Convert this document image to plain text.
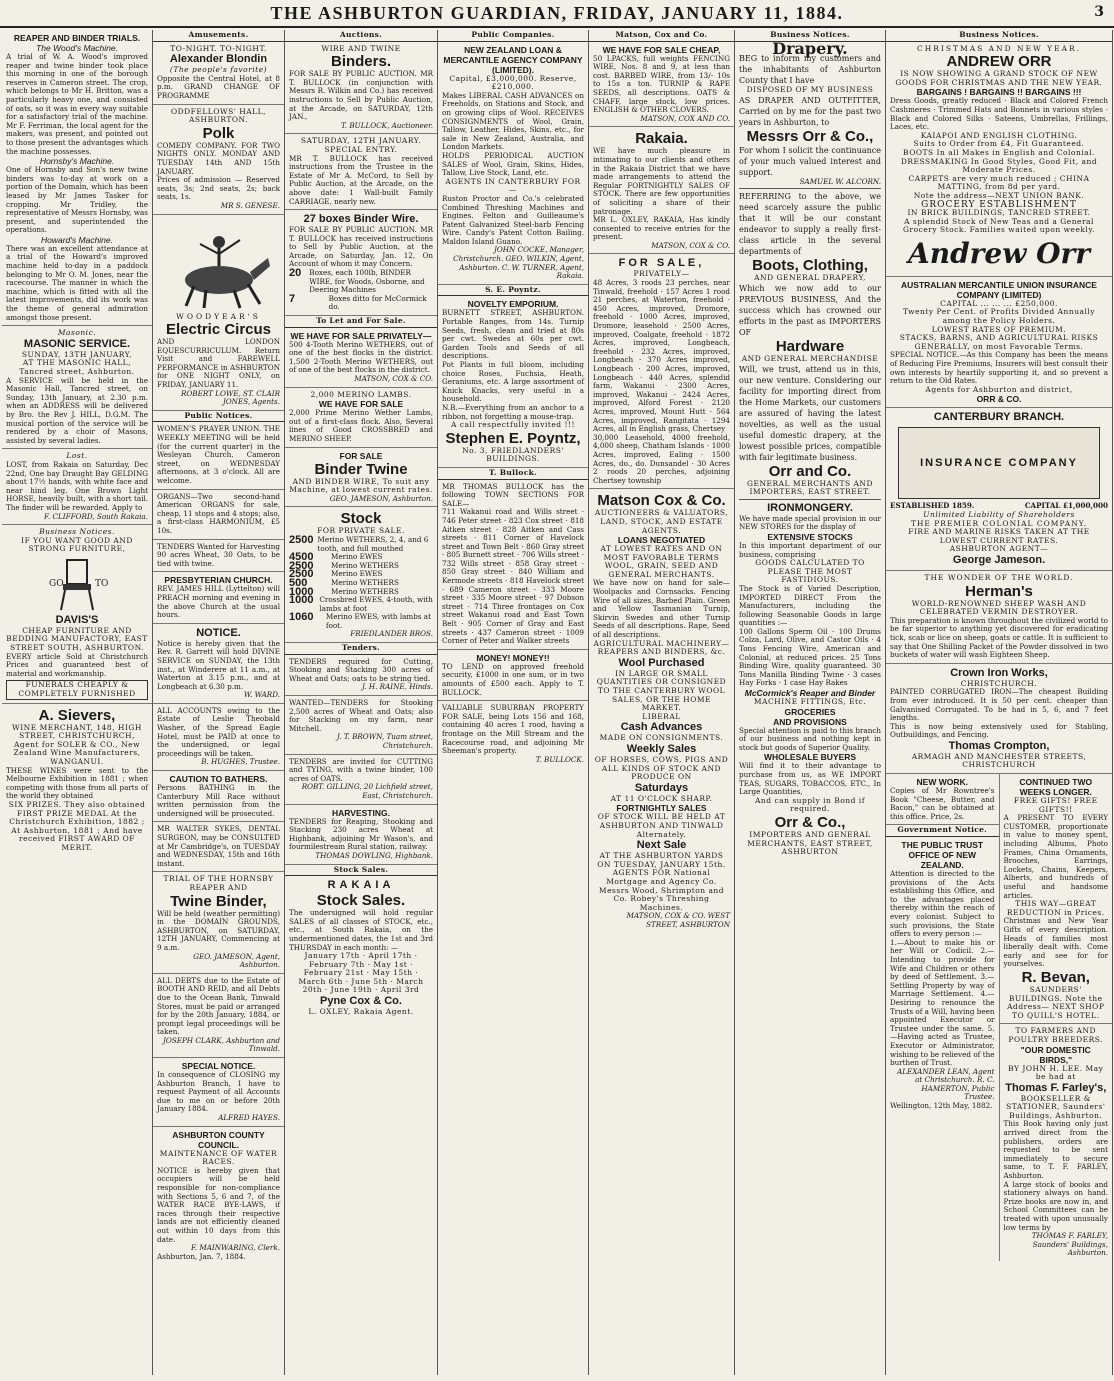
THE ASHBURTON GUARDIAN, FRIDAY, JANUARY 11, 1884.	3
REAPER AND BINDER TRIALS.
The Wood's Machine.
A trial of W. A. Wood's improved reaper and twine binder took place this morning in one of the borough reserves in Cameron street. The crop, which belongs to Mr H. Britton, was a particularly heavy one, and consisted of oats, so it was in every way suitable for a satisfactory trial of the machine. Mr F. Ferriman, the local agent for the makers, was present, and pointed out to those present the advantages which the machine possesses.
Hornsby's Machine.
One of Hornsby and Son's new twine binders was to-day at work on a portion of the Domain, which has been leased by Mr James Tasker for cropping. Mr Tridley, the representative of Messrs Hornsby, was present, and superintended the operations.
Howard's Machine.
There was an excellent attendance at a trial of the Howard's improved machine held to-day in a paddock belonging to Mr O. M. Jones, near the racecourse. The manner in which the machine, which is fitted with all the latest improvements, did its work was the theme of general admiration amongst those present.
Masonic.
MASONIC SERVICE.
SUNDAY, 13TH JANUARY,
AT THE MASONIC HALL, Tancred street, Ashburton.
A SERVICE will be held in the Masonic Hall, Tancred street, on Sunday, 13th January, at 2.30 p.m. when an ADDRESS will be delivered by Bro. the Rev J. HILL, D.G.M. The musical portion of the service will be rendered by a choir of Masons, assisted by several ladies.
Lost.
LOST, from Rakaia on Saturday, Dec 22nd, One bay Draught Bay GELDING about 17½ hands, with white face and near hind leg. One Brown Light HORSE, heavily built, with a short tail. The finder will be rewarded. Apply to
F. CLIFFORD, South Rakaia.
Business Notices.
IF YOU WANT GOOD AND STRONG FURNITURE,
GO	TO
DAVIS'S
CHEAP FURNITURE AND BEDDING MANUFACTORY, EAST STREET SOUTH, ASHBURTON.
EVERY article Sold at Christchurch Prices and guaranteed best of material and workmanship.
FUNERALS CHEAPLY & COMPLETELY FURNISHED
A. Sievers,
WINE MERCHANT, 148, HIGH STREET, CHRISTCHURCH, Agent for SOLER & CO., New Zealand Wine Manufacturers, WANGANUI.
THESE WINES were sent to the Melbourne Exhibition in 1881 ; when competing with those from all parts of the world they obtained
SIX PRIZES. They also obtained FIRST PRIZE MEDAL At the Christchurch Exhibition, 1882 ; At Ashburton, 1881 ; And have received FIRST AWARD OF MERIT.
Amusements.
TO-NIGHT. TO-NIGHT.
Alexander Blondin
(The people's favorite)
Opposite the Central Hotel, at 8 p.m. GRAND CHANGE OF PROGRAMME
ODDFELLOWS' HALL, ASHBURTON.
Polk
COMEDY COMPANY. FOR TWO NIGHTS ONLY. MONDAY AND TUESDAY 14th AND 15th JANUARY.
Prices of admission — Reserved seats, 3s; 2nd seats, 2s; back seats, 1s.
MR S. GENESE.
WOODYEAR'S
Electric Circus
AND LONDON EQUESCURRICULUM. Return Visit and FAREWELL PERFORMANCE in ASHBURTON for ONE NIGHT ONLY, on FRIDAY, JANUARY 11.
ROBERT LOWE, ST. CLAIR JONES, Agents.
Public Notices.
WOMEN'S PRAYER UNION. THE WEEKLY MEETING will be held (for the current quarter) in the Wesleyan Church, Cameron street, on WEDNESDAY afternoons, at 3 o'clock. All are welcome.
ORGANS—Two second-hand American ORGANS for sale, cheap, 11 stops and 4 stops; also, a first-class HARMONIUM, £5 10s.
TENDERS Wanted for Harvesting 90 acres Wheat, 30 Oats, to be tied with twine.
PRESBYTERIAN CHURCH.
REV. JAMES HILL (Lyttelton) will PREACH morning and evening in the above Church at the usual hours.
NOTICE.
Notice is hereby given that the Rev. R. Garrett will hold DIVINE SERVICE on SUNDAY, the 13th inst., at Winderere at 11 a.m., at Waterton at 3.15 p.m., and at Longbeach at 6.30 p.m.
W. WARD.
ALL ACCOUNTS owing to the Estate of Leslie Theobald Washer, of the Spread Eagle Hotel, must be PAID at once to the undersigned, or legal proceedings will be taken.
B. HUGHES, Trustee.
CAUTION TO BATHERS.
Persons BATHING in the Canterbury Mill Race without written permission from the undersigned will be prosecuted.
MR WALTER SYKES, DENTAL SURGEON, may be CONSULTED at Mr Cambridge's, on TUESDAY and WEDNESDAY, 15th and 16th instant.
TRIAL OF THE HORNSBY REAPER AND
Twine Binder,
Will be held (weather permitting) in the DOMAIN GROUNDS, ASHBURTON, on SATURDAY, 12TH JANUARY, Commencing at 9 a.m.
GEO. JAMESON, Agent, Ashburton.
ALL DEBTS due to the Estate of BOOTH AND REID, and all Debts due to the Ocean Bank, Tinwald Stores, must be paid or arranged for by the 20th January, 1884, or prompt legal proceedings will be taken.
JOSEPH CLARK, Ashburton and Tinwald.
SPECIAL NOTICE.
In consequence of CLOSING my Ashburton Branch, I have to request Payment of all Accounts due to me on or before 20th January 1884.
ALFRED HAYES.
ASHBURTON COUNTY COUNCIL.
MAINTENANCE OF WATER RACES.
NOTICE is hereby given that occupiers will be held responsible for non-compliance with Sections 5, 6 and 7, of the WATER RACE BYE-LAWS, if races through their respective lands are not efficiently cleaned out within 10 days from this date.
F. MAINWARING, Clerk.
Ashburton, Jan. 7, 1884.
Auctions.
WIRE AND TWINE
Binders.
FOR SALE BY PUBLIC AUCTION. MR T. BULLOCK (in conjunction with Messrs R. Wilkin and Co.) has received instructions to Sell by Public Auction, at the Arcade, on SATURDAY, 12th JAN.,
T. BULLOCK, Auctioneer.
SATURDAY, 12TH JANUARY.
SPECIAL ENTRY.
MR T. BULLOCK has received instructions from the Trustee in the Estate of Mr A. McCord, to Sell by Public Auction, at the Arcade, on the above date: 1 Wall-built Family CARRIAGE, nearly new.
27 boxes Binder Wire.
FOR SALE BY PUBLIC AUCTION. MR T. BULLOCK has received instructions to Sell by Public Auction, at the Arcade, on Saturday, Jan. 12, On Account of whom it may Concern.
20	Boxes, each 100lb, BINDER WIRE, for Woods, Osborne, and Deering Machines
7	Boxes ditto for McCormick do.
To Let and For Sale.
WE HAVE FOR SALE PRIVATELY—
500 4-Tooth Merino WETHERS, out of one of the best flocks in the district. 1,500 2-Tooth Merino WETHERS, out of one of the best flocks in the district.
MATSON, COX & CO.
2,000 MERINO LAMBS.
WE HAVE FOR SALE
2,000 Prime Merino Wether Lambs, out of a first-class flock. Also, Several lines of Good CROSSBRED and MERINO SHEEP.
FOR SALE
Binder Twine
AND BINDER WIRE, To suit any Machine, at lowest current rates.
GEO. JAMESON, Ashburton.
Stock
FOR PRIVATE SALE.
2500 Merino WETHERS, 2, 4, and 6 tooth, and full mouthed
4500	Merino EWES
2500	Merino WETHERS
2500	Merino EWES
500	Merino WETHERS
1000	Merino WETHERS
1000 Crossbred EWES, 4-tooth, with lambs at foot
1060	Merino EWES, with lambs at foot.
FRIEDLANDER BROS.
Tenders.
TENDERS required for Cutting, Stooking and Stacking 300 acres of Wheat and Oats; oats to be string tied.
J. H. RAINE, Hinds.
WANTED—TENDERS for Stooking 2,500 acres of Wheat and Oats; also for Stacking on my farm, near Mitchell.
J. T. BROWN, Tuam street, Christchurch.
TENDERS are invited for CUTTING and TYING, with a twine binder, 100 acres of OATS.
ROBT. GILLING, 20 Lichfield street, East, Christchurch.
HARVESTING.
TENDERS for Reaping, Stooking and Stacking 230 acres Wheat at Highbank, adjoining Mr Wason's, and fourmilestream Rural station, railway.
THOMAS DOWLING, Highbank.
Stock Sales.
RAKAIA
Stock Sales.
The undersigned will hold regular SALES of all classes of STOCK, etc., etc., at South Rakaia, on the undermentioned dates, the 1st and 3rd THURSDAY in each month: —
January 17th · April 17th · February 7th · May 1st · February 21st · May 15th · March 6th · June 5th · March 20th · June 19th · April 3rd
Pyne Cox & Co.
L. OXLEY, Rakaia Agent.
Public Companies.
NEW ZEALAND LOAN & MERCANTILE AGENCY COMPANY (LIMITED).
Capital, £3,000,000. Reserve, £210,000.
Makes LIBERAL CASH ADVANCES on Freeholds, on Stations and Stock, and on growing clips of Wool. RECEIVES CONSIGNMENTS of Wool, Grain, Tallow, Leather, Hides, Skins, etc., for sale in New Zealand, Australia, and London Markets.
HOLDS PERIODICAL AUCTION SALES of Wool, Grain, Skins, Hides, Tallow, Live Stock, Land, etc.
AGENTS IN CANTERBURY FOR—
Ruston Proctor and Co.'s celebrated Combined Threshing Machines and Engines. Felton and Guilleaume's Patent Galvanized Steel-barb Fencing Wire. Candy's Patent Cotton Bailing. Maldon Island Guano.
JOHN COCKE, Manager, Christchurch. GEO. WILKIN, Agent, Ashburton. C. W. TURNER, Agent, Rakaia.
S. E. Poyntz.
NOVELTY EMPORIUM.
BURNETT STREET, ASHBURTON. Portable Ranges, from 14s. Turnip Seeds, fresh, clean and tried at 80s per cwt. Swedes at 60s per cwt. Garden Tools and Seeds of all descriptions.
Pot Plants in full bloom, including choice Roses, Fuchsia, Heath, Geraniums, etc. A large assortment of Knick Knacks, very useful in a household.
N.B.—Everything from an anchor to a ribbon, not forgetting a mouse-trap.
A call respectfully invited !!!
Stephen E. Poyntz,
No. 3, FRIEDLANDERS' BUILDINGS.
T. Bullock.
MR THOMAS BULLOCK has the following TOWN SECTIONS FOR SALE—
711 Wakanui road and Wills street · 746 Peter street · 823 Cox street · 818 Aitken street · 828 Aitken and Cass streets · 811 Corner of Havelock street and Town Belt · 860 Gray street · 805 Burnett street · 706 Wills street · 732 Wills street · 858 Gray street · 850 Gray street · 840 William and Kermode streets · 818 Havelock street · 689 Cameron street · 333 Moore street · 335 Moore street · 97 Dobson street · 714 Three frontages on Cox street Wakanui road and East Town Belt · 905 Corner of Gray and East streets · 437 Cameron street · 1009 Corner of Peter and Walker streets
MONEY! MONEY!!
TO LEND on approved freehold security, £1000 in one sum, or in two amounts of £500 each. Apply to T. BULLOCK.
VALUABLE SUBURBAN PROPERTY FOR SALE, being Lots 156 and 168, containing 40 acres 1 rood, having a frontage on the Mill Stream and the Racecourse road, and adjoining Mr Sheeman's property.
T. BULLOCK.
Matson, Cox and Co.
WE HAVE FOR SALE CHEAP,
50 LPACKS, full weights FENCING WIRE, Nos. 8 and 9, at less than cost. BARBED WIRE, from 13/- 10s to 15s a ton. TURNIP & RAPE SEEDS, all descriptions. OATS & CHAFF, large stock, low prices. ENGLISH & OTHER CLOVERS.
MATSON, COX AND CO.
Rakaia.
WE have much pleasure in intimating to our clients and others in the Rakaia District that we have made arrangements to attend the Regular FORTNIGHTLY SALES OF STOCK. There are few opportunities of soliciting a share of their patronage.
MR L. OXLEY, RAKAIA, Has kindly consented to receive entries for the present.
MATSON, COX & CO.
FOR SALE,
PRIVATELY—
48 Acres, 3 roods 23 perches, near Tinwald, freehold · 157 Acres 1 rood 21 perches, at Waterton, freehold · 450 Acres, improved, Dromore, freehold · 1000 Acres, improved, Dromore, leasehold · 2500 Acres, improved, Coalgate, freehold · 1872 Acres, improved, Longbeach, freehold · 232 Acres, improved, Longbeach · 370 Acres improved, Longbeach · 200 Acres, improved, Longbeach · 440 Acres, splendid farm, Wakanui · 2300 Acres, improved, Wakanui · 2424 Acres, improved, Alford Forest · 2120 Acres, improved, Mount Hutt · 564 Acres, improved, Rangitata · 1294 Acres, all in English grass, Chertsey
30,000 Leasehold, 4000 freehold, 4,000 sheep, Chatham Islands · 1000 Acres, improved, Ealing · 1500 Acres, do., do. Dunsandel · 30 Acres 2 roods 20 perches, adjoining Chertsey township
Matson Cox & Co.
AUCTIONEERS & VALUATORS, LAND, STOCK, AND ESTATE AGENTS.
LOANS NEGOTIATED
AT LOWEST RATES AND ON MOST FAVORABLE TERMS
WOOL, GRAIN, SEED AND GENERAL MERCHANTS.
We have now on hand for sale—Woolpacks and Cornsacks. Fencing Wire of all sizes, Barbed Plain. Green and Yellow Tasmanian Turnip, Skirvin Swedes and other Turnip Seeds of all descriptions. Rape, Seed of all descriptions.
AGRICULTURAL MACHINERY—REAPERS AND BINDERS, &c.
Wool Purchased
IN LARGE OR SMALL QUANTITIES OR CONSIGNED TO THE CANTERBURY WOOL SALES, OR THE HOME MARKET.
LIBERAL
Cash Advances
MADE ON CONSIGNMENTS.
Weekly Sales
OF HORSES, COWS, PIGS AND ALL KINDS OF STOCK AND PRODUCE ON
Saturdays
AT 11 O'CLOCK SHARP.
FORTNIGHTLY SALES
OF STOCK WILL BE HELD AT ASHBURTON AND TINWALD Alternately.
Next Sale
AT THE ASHBURTON YARDS ON TUESDAY, JANUARY 15th.
AGENTS FOR National Mortgage and Agency Co. Messrs Wood, Shrimpton and Co. Robey's Threshing Machines.
MATSON, COX & CO. WEST STREET, ASHBURTON
Business Notices.
Drapery.
BEG to inform my customers and the inhabitants of Ashburton County that I have
DISPOSED OF MY BUSINESS
AS DRAPER AND OUTFITTER, Carried on by me for the past two years in Ashburton, to
Messrs Orr & Co.,
For whom I solicit the continuance of your much valued interest and support.
SAMUEL W. ALCORN.
REFERRING to the above, we need scarcely assure the public that it will be our constant endeavor to supply a really first-class article in the several departments of
Boots, Clothing,
AND GENERAL DRAPERY,
Which we now add to our PREVIOUS BUSINESS, And the success which has crowned our efforts in the past as IMPORTERS OF
Hardware
AND GENERAL MERCHANDISE
Will, we trust, attend us in this, our new venture. Considering our facility for importing direct from the Home Markets, our customers are assured of having the latest novelties, as well as the usual useful domestic drapery, at the lowest possible prices, compatible with fair legitimate business.
Orr and Co.
GENERAL MERCHANTS AND IMPORTERS, EAST STREET.
IRONMONGERY.
We have made special provision in our NEW STORES for the display of
EXTENSIVE STOCKS
In this important department of our business, comprising
GOODS CALCULATED TO PLEASE THE MOST FASTIDIOUS.
The Stock is of Varied Description, IMPORTED DIRECT From the Manufacturers, including the following Seasonable Goods in large quantities :—
100 Gallons Sperm Oil · 100 Drums Colza, Lard, Olive, and Castor Oils · 4 Tons Fencing Wire, American and Colonial, at reduced prices. 25 Tons Binding Wire, quality guaranteed. 30 Tons Manilla Binding Twine · 3 cases Hay Forks · 1 case Hay Rakes
McCormick's Reaper and Binder
MACHINE FITTINGS, Etc.
GROCERIES
AND PROVISIONS
Special attention is paid to this branch of our business and nothing kept in stock but goods of Superior Quality.
WHOLESALE BUYERS
Will find it to their advantage to purchase from us, as WE IMPORT TEAS, SUGARS, TOBACCOS, ETC., In Large Quantities,
And can supply in Bond if required.
Orr & Co.,
IMPORTERS AND GENERAL MERCHANTS, EAST STREET, ASHBURTON
Business Notices.
CHRISTMAS AND NEW YEAR.
ANDREW ORR
IS NOW SHOWING A GRAND STOCK OF NEW GOODS FOR CHRISTMAS AND THE NEW YEAR.
BARGAINS ! BARGAINS !! BARGAINS !!!
Dress Goods, greatly reduced · Black and Colored French Cashmeres · Trimmed Hats and Bonnets in various styles · Black and Colored Silks · Sateens, Umbrellas, Frillings, Laces, etc.
KAIAPOI AND ENGLISH CLOTHING.
Suits to Order from £4, Fit Guaranteed.
BOOTS In all Makes in English and Colonial.
DRESSMAKING In Good Styles, Good Fit, and Moderate Prices.
CARPETS are very much reduced ; CHINA MATTING, from 8d per yard.
Note the address—NEXT UNION BANK.
GROCERY ESTABLISHMENT
IN BRICK BUILDINGS, TANCRED STREET.
A splendid Stock of New Teas and a General Grocery Stock. Families waited upon weekly.
Andrew Orr
AUSTRALIAN MERCANTILE UNION INSURANCE COMPANY (LIMITED)
CAPITAL ... ... ... £250,000.
Twenty Per Cent. of Profits Divided Annually among the Policy Holders.
LOWEST RATES OF PREMIUM.
STACKS, BARNS, AND AGRICULTURAL RISKS GENERALLY, on most Favorable Terms.
SPECIAL NOTICE.—As this Company has been the means of Reducing Fire Premiums, Insurers will best consult their own interests by heartily supporting it, and so prevent a return to the Old Rates.
Agents for Ashburton and district,
ORR & CO.
CANTERBURY BRANCH.
INSURANCE COMPANY
ESTABLISHED 1859.	CAPITAL £1,000,000
Unlimited Liability of Shareholders
THE PREMIER COLONIAL COMPANY.
FIRE AND MARINE RISKS TAKEN AT THE LOWEST CURRENT RATES.
ASHBURTON AGENT—
George Jameson.
THE WONDER OF THE WORLD.
Herman's
WORLD-RENOWNED SHEEP WASH AND CELEBRATED VERMIN DESTROYER.
This preparation is known throughout the civilized world to be far superior to anything yet discovered for eradicating tick, scab or lice on sheep, goats or cattle. It is sufficient to say that One Shilling Packet of the Powder dissolved in two buckets of water will wash Eighteen Sheep.
Crown Iron Works,
CHRISTCHURCH.
PAINTED CORRUGATED IRON—The cheapest Building from ever introduced. It is 50 per cent. cheaper than Galvanised Corrugated. To be had in 5, 6, and 7 feet lengths.
This is now being extensively used for Stabling, Outbuildings, and Fencing.
Thomas Crompton,
ARMAGH AND MANCHESTER STREETS, CHRISTCHURCH
NEW WORK.
Copies of Mr Rowntree's Book "Cheese, Butter, and Bacon," can be obtained at this office. Price, 2s.
Government Notice.
THE PUBLIC TRUST OFFICE OF NEW ZEALAND.
Attention is directed to the provisions of the Acts establishing this Office, and to the advantages placed thereby within the reach of every colonist. Subject to such provisions, the State offers to every person :—
1.—About to make his or her Will or Codicil. 2.—Intending to provide for Wife and Children or others by deed of Settlement. 3.—Settling Property by way of Marriage Settlement. 4.—Desiring to renounce the Trusts of a Will, having been appointed Executor or Trustee under the same. 5.—Having acted as Trustee, Executor or Administrator, wishing to be relieved of the burthen of Trust.
ALEXANDER LEAN, Agent at Christchurch. R. C. HAMERTON, Public Trustee.
Wellington, 12th May, 1882.
CONTINUED TWO WEEKS LONGER.
FREE GIFTS! FREE GIFTS!!
A PRESENT TO EVERY CUSTOMER, proportionate in value to money spent, including Albums, Photo Frames, China Ornaments, Brooches, Earrings, Lockets, Chains, Keepers, Alberts, and hundreds of useful and handsome articles.
THIS WAY—GREAT REDUCTION in Prices.
Christmas and New Year Gifts of every description. Heads of families most liberally dealt with. Come early and see for for yourselves.
R. Bevan,
SAUNDERS' BUILDINGS. Note the Address— NEXT SHOP TO QUILL'S HOTEL.
TO FARMERS AND POULTRY BREEDERS.
"OUR DOMESTIC BIRDS,"
BY JOHN H. LEE. May be had at
Thomas F. Farley's,
BOOKSELLER & STATIONER, Saunders' Buildings, Ashburton.
This Book having only just arrived direct from the publishers, orders are requested to be sent immediately to secure same, to T. F. FARLEY, Ashburton.
A large stock of books and stationery always on hand. Prize books are now in, and School Committees can be treated with upon unusually low terms by
THOMAS F. FARLEY, Saunders' Buildings, Ashburton.
